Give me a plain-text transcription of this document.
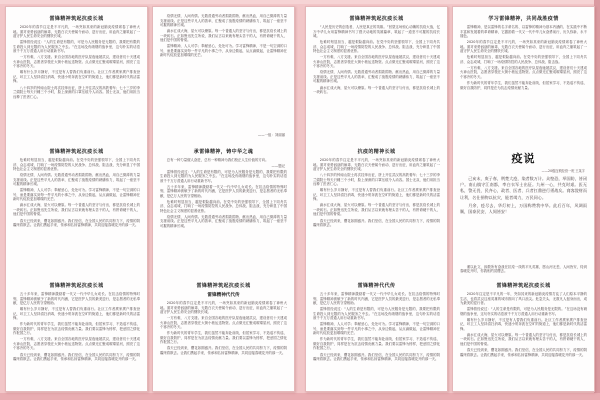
雷锋精神筑起抗疫长城

2020年的春节注定是不平凡的，一场突如其来的新冠肺炎疫情席卷了神州大地。面对来势汹汹的病毒，无数白衣天使闻令而动、逆行出征，用血肉之躯筑起了一道守护人民生命安全的钢铁长城。

雷锋曾经说过：“人的生命是有限的，可是为人民服务是无限的，我要把有限的生命投入到无限的为人民服务之中去。”在这场没有硝烟的战争里，这句朴实的话语被千千万万普通人用行动重新书写。

一方有难，八方支援。来自全国各地的医疗队星夜驰援武汉，建设者们十天建成火神山医院，志愿者穿梭在大街小巷运送物资。点点微光汇聚成璀璨星河，照亮了这个寒冷的冬天。

哪有什么岁月静好，不过是有人替我们负重前行。社区工作者挨家挨户排查登记，环卫工人坚持清扫消毒，快递小哥奔波在空旷的街道上，他们都是新时代的活雷锋。

八十四岁的钟南山院士再次挂帅出征，挤上开往武汉的高铁餐车；七十三岁的李兰娟院士每天只睡三个小时，脸上深深的口罩压痕令人动容。国士无双，他们用担当诠释了医者仁心。

雷锋精神筑起抗疫长城

危难时刻显担当，越是艰险越向前。在党中央的坚强领导下，全国上下同舟共济、众志成城，打响了一场疫情防控的人民战争、总体战、阻击战，充分彰显了中国特色社会主义制度的显著优势。

疫情无情，人间有情。无数普通劳动者捐款捐物、献出热血，用自己微薄的力量支援前线。正是这些平凡人的善举，汇聚成了战胜疫情的磅礴伟力，筑起了一座坚不可摧的精神长城。

雷锋精神，人人可学；奉献爱心，处处可为。学习雷锋精神，不是一句空洞的口号，而是要落实到每一件平凡的小事之中，从身边做起，从点滴做起，让雷锋精神在新时代绽放更加璀璨的光芒。

滴水汇成大海，星火可以燎原。每一个普通人的坚守与付出，都是抗疫长城上的一块砖石。正如鲁迅先生所说，我们从古以来就有埋头苦干的人，有拼命硬干的人，他们是中国的脊梁。

春天已经到来，樱花如期盛开。我们坚信，在全国人民的共同努力下，疫情的阴霾终将散去。让我们携起手来，传承和弘扬雷锋精神，共同迎接春暖花开的那一天。

雷锋精神筑起抗疫长城

五十多年来，雷锋精神激励着一代又一代中华儿女成长。在抗击疫情的特殊时刻，雷锋精神被赋予了新的时代内涵，它是医护人员的最美逆行，是志愿者的无私奉献，是亿万人民的守望相助。

哪有什么岁月静好，不过是有人替我们负重前行。社区工作者挨家挨户排查登记，环卫工人坚持清扫消毒，快递小哥奔波在空旷的街道上，他们都是新时代的活雷锋。

作为新时代的青年学生，我们虽然不能奔赴前线，但居家学习、不造谣不传谣、做好自我防护，同样是在为抗击疫情贡献力量。我们要以雷锋为榜样，把爱国之情化作报国之行。

一方有难，八方支援。来自全国各地的医疗队星夜驰援武汉，建设者们十天建成火神山医院，志愿者穿梭在大街小巷运送物资。点点微光汇聚成璀璨星河，照亮了这个寒冷的冬天。

春天已经到来，樱花如期盛开。我们坚信，在全国人民的共同努力下，疫情的阴霾终将散去。让我们携起手来，传承和弘扬雷锋精神，共同迎接春暖花开的那一天。

疫情无情，人间有情。无数普通劳动者捐款捐物、献出热血，用自己微薄的力量支援前线。正是这些平凡人的善举，汇聚成了战胜疫情的磅礴伟力，筑起了一座坚不可摧的精神长城。

滴水汇成大海，星火可以燎原。每一个普通人的坚守与付出，都是抗疫长城上的一块砖石。正如鲁迅先生所说，我们从古以来就有埋头苦干的人，有拼命硬干的人，他们是中国的脊梁。

雷锋精神，人人可学；奉献爱心，处处可为。学习雷锋精神，不是一句空洞的口号，而是要落实到每一件平凡的小事之中，从身边做起，从点滴做起，让雷锋精神在新时代绽放更加璀璨的光芒。

——一组：刘丽丽
承雷锋精神，铸中华之魂

总有一种力量催人奋进，总有一种精神为我们校正人生价值的方向。

——题记

雷锋曾经说过：“人的生命是有限的，可是为人民服务是无限的，我要把有限的生命投入到无限的为人民服务之中去。”在这场没有硝烟的战争里，这句朴实的话语被千千万万普通人用行动重新书写。

五十多年来，雷锋精神激励着一代又一代中华儿女成长。在抗击疫情的特殊时刻，雷锋精神被赋予了新的时代内涵，它是医护人员的最美逆行，是志愿者的无私奉献，是亿万人民的守望相助。

危难时刻显担当，越是艰险越向前。在党中央的坚强领导下，全国上下同舟共济、众志成城，打响了一场疫情防控的人民战争、总体战、阻击战，充分彰显了中国特色社会主义制度的显著优势。

疫情无情，人间有情。无数普通劳动者捐款捐物、献出热血，用自己微薄的力量支援前线。正是这些平凡人的善举，汇聚成了战胜疫情的磅礴伟力，筑起了一座坚不可摧的精神长城。

雷锋精神筑起抗疫长城
雷锋精神代代传

2020年的春节注定是不平凡的，一场突如其来的新冠肺炎疫情席卷了神州大地。面对来势汹汹的病毒，无数白衣天使闻令而动、逆行出征，用血肉之躯筑起了一道守护人民生命安全的钢铁长城。

一方有难，八方支援。来自全国各地的医疗队星夜驰援武汉，建设者们十天建成火神山医院，志愿者穿梭在大街小巷运送物资。点点微光汇聚成璀璨星河，照亮了这个寒冷的冬天。

作为新时代的青年学生，我们虽然不能奔赴前线，但居家学习、不造谣不传谣、做好自我防护，同样是在为抗击疫情贡献力量。我们要以雷锋为榜样，把爱国之情化作报国之行。

春天已经到来，樱花如期盛开。我们坚信，在全国人民的共同努力下，疫情的阴霾终将散去。让我们携起手来，传承和弘扬雷锋精神，共同迎接春暖花开的那一天。

雷锋精神筑起抗疫长城

“人民是历史的创造者，人民是真正的英雄。”回望这场惊心动魄的抗疫大战，亿万中华儿女用雷锋精神书写了感天动地的英雄篇章，筑起了一道坚不可摧的抗疫长城。

危难时刻显担当，越是艰险越向前。在党中央的坚强领导下，全国上下同舟共济、众志成城，打响了一场疫情防控的人民战争、总体战、阻击战，充分彰显了中国特色社会主义制度的显著优势。

一方有难，八方支援。来自全国各地的医疗队星夜驰援武汉，建设者们十天建成火神山医院，志愿者穿梭在大街小巷运送物资。点点微光汇聚成璀璨星河，照亮了这个寒冷的冬天。

疫情无情，人间有情。无数普通劳动者捐款捐物、献出热血，用自己微薄的力量支援前线。正是这些平凡人的善举，汇聚成了战胜疫情的磅礴伟力，筑起了一座坚不可摧的精神长城。

滴水汇成大海，星火可以燎原。每一个普通人的坚守与付出，都是抗疫长城上的一块砖石。

抗疫的精神长城

2020年的春节注定是不平凡的，一场突如其来的新冠肺炎疫情席卷了神州大地。面对来势汹汹的病毒，无数白衣天使闻令而动、逆行出征，用血肉之躯筑起了一道守护人民生命安全的钢铁长城。

八十四岁的钟南山院士再次挂帅出征，挤上开往武汉的高铁餐车；七十三岁的李兰娟院士每天只睡三个小时，脸上深深的口罩压痕令人动容。国士无双，他们用担当诠释了医者仁心。

哪有什么岁月静好，不过是有人替我们负重前行。社区工作者挨家挨户排查登记，环卫工人坚持清扫消毒，快递小哥奔波在空旷的街道上，他们都是新时代的活雷锋。

滴水汇成大海，星火可以燎原。每一个普通人的坚守与付出，都是抗疫长城上的一块砖石。正如鲁迅先生所说，我们从古以来就有埋头苦干的人，有拼命硬干的人，他们是中国的脊梁。

春天已经到来，樱花如期盛开。我们坚信，在全国人民的共同努力下，疫情的阴霾终将散去。

雷锋精神代代传

五十多年来，雷锋精神激励着一代又一代中华儿女成长。在抗击疫情的特殊时刻，雷锋精神被赋予了新的时代内涵，它是医护人员的最美逆行，是志愿者的无私奉献，是亿万人民的守望相助。

雷锋曾经说过：“人的生命是有限的，可是为人民服务是无限的，我要把有限的生命投入到无限的为人民服务之中去。”在这场没有硝烟的战争里，这句朴实的话语被千千万万普通人用行动重新书写。

雷锋精神，人人可学；奉献爱心，处处可为。学习雷锋精神，不是一句空洞的口号，而是要落实到每一件平凡的小事之中，从身边做起，从点滴做起，让雷锋精神在新时代绽放更加璀璨的光芒。

作为新时代的青年学生，我们虽然不能奔赴前线，但居家学习、不造谣不传谣、做好自我防护，同样是在为抗击疫情贡献力量。我们要以雷锋为榜样，把爱国之情化作报国之行。

春天已经到来，樱花如期盛开。我们坚信，在全国人民的共同努力下，疫情的阴霾终将散去。让我们携起手来，传承和弘扬雷锋精神，共同迎接春暖花开的那一天。

学习雷锋精神，共同战胜疫情

雷锋精神，是以雷锋的名字命名的、以雷锋的精神为基本内涵的、在实践中不断丰富和发展着的革命精神，它激励着一代又一代中华儿女奋勇前行，历久弥新、永不褪色。

2020年的春节注定是不平凡的，一场突如其来的新冠肺炎疫情席卷了神州大地。面对来势汹汹的病毒，无数白衣天使闻令而动、逆行出征，用血肉之躯筑起了一道守护人民生命安全的钢铁长城。

危难时刻显担当，越是艰险越向前。在党中央的坚强领导下，全国上下同舟共济、众志成城，打响了一场疫情防控的人民战争、总体战、阻击战。

一方有难，八方支援。来自全国各地的医疗队星夜驰援武汉，建设者们十天建成火神山医院，志愿者穿梭在大街小巷运送物资。点点微光汇聚成璀璨星河，照亮了这个寒冷的冬天。

作为新时代的青年学生，我们虽然不能奔赴前线，但居家学习、不造谣不传谣、做好自我防护，同样是在为抗击疫情贡献力量。

疫说
——20级连锁经营一班 王某宇

己亥末，庚子春，荆楚大疫，染者数万计。众惶恐，举国防，皆闭户。南山镇守江南都，率白衣军士出征。九州一心，共克时艰。医无私，警无畏，民齐心，政者、医者、兵者扛鼎逆行勇战矣。商客敛财而让利，名仕捐物以抗灾，能者竭力，万民同心。

月余，疫尽去，华灯初上，万国称赞我中华。此后百年，风调雨顺，国泰民安，人间皆安！

谨以此文，致敬所有奋战在抗疫一线的平凡英雄，愿山河无恙，人间皆安，待到春暖花开时，你我相约赏樱去。

雷锋精神筑起抗疫长城

2020年注定是不平凡的一年，突如其来的新冠肺炎疫情打乱了人们原本平静的生活，也将武汉这座英雄的城市推向了风口浪尖。危急关头，无数凡人挺身而出，成为最美的逆行者。

雷锋曾经说过：“人的生命是有限的，可是为人民服务是无限的。”在这场没有硝烟的战争里，这句朴实的话语被千千万万普通人用行动重新书写。

哪有什么岁月静好，不过是有人替我们负重前行。社区工作者挨家挨户排查登记，环卫工人坚持清扫消毒，快递小哥奔波在空旷的街道上，他们都是新时代的活雷锋。

滴水汇成大海，星火可以燎原。每一个普通人的坚守与付出，都是抗疫长城上的一块砖石。正如鲁迅先生所说，我们从古以来就有埋头苦干的人，有拼命硬干的人，他们是中国的脊梁。

春天已经到来，樱花如期盛开。我们坚信，在全国人民的共同努力下，疫情的阴霾终将散去。让我们携起手来，传承和弘扬雷锋精神，共同迎接春暖花开的那一天。
